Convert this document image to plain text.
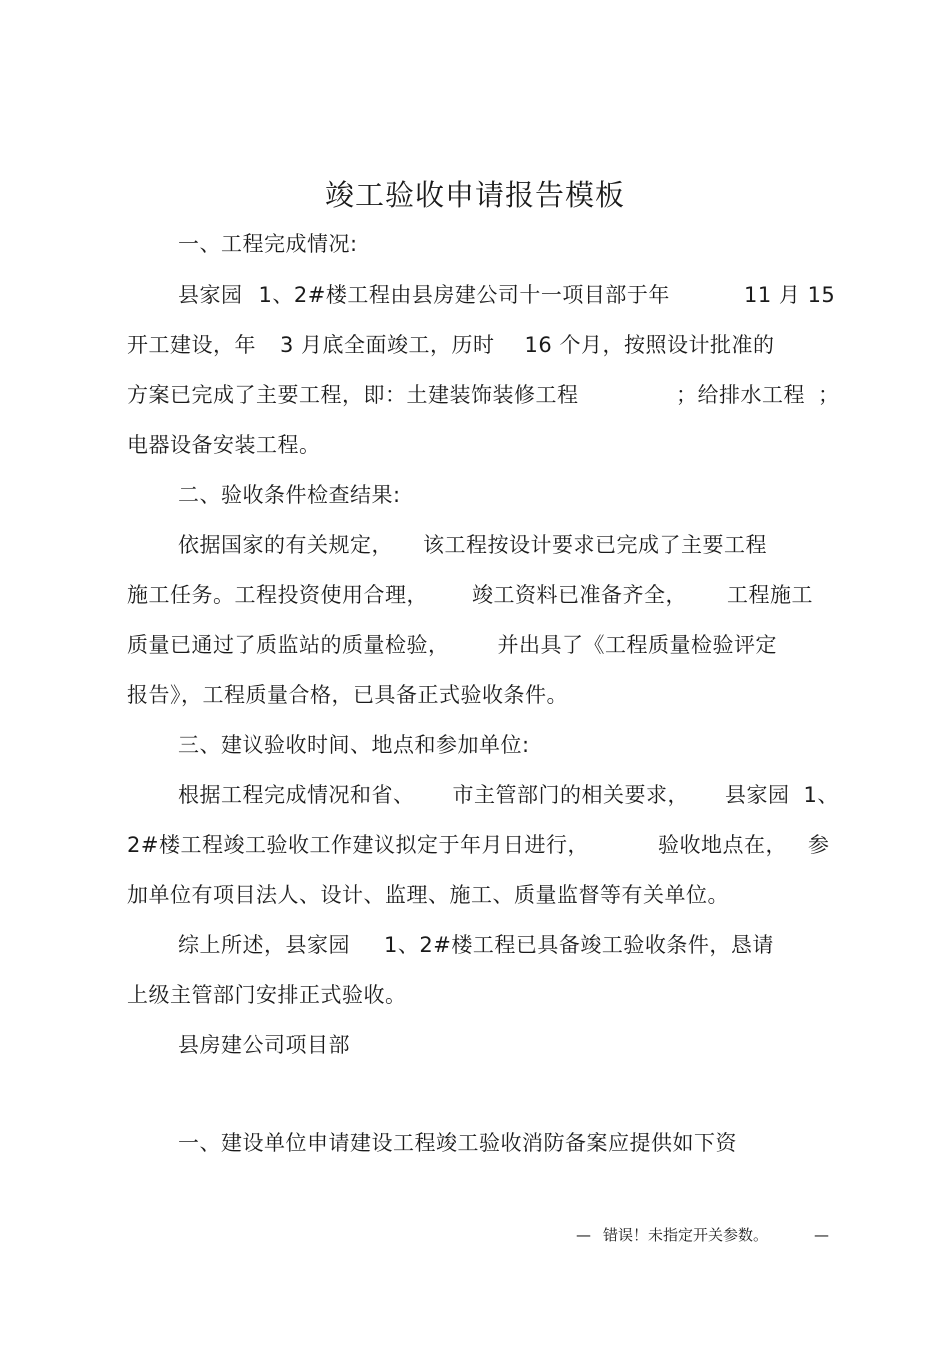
竣工验收申请报告模板
一、工程完成情况:
县家园 1、2#楼工程由县房建公司十一项目部于年	11 月 15
开工建设，年 3 月底全面竣工，历时 16 个月，按照设计批准的
方案已完成了主要工程，即：土建装饰装修工程	；给排水工程 ；
电器设备安装工程。
二、验收条件检查结果:
依据国家的有关规定， 该工程按设计要求已完成了主要工程
施工任务。工程投资使用合理， 竣工资料已准备齐全， 工程施工
质量已通过了质监站的质量检验， 并出具了《工程质量检验评定
报告》，工程质量合格，已具备正式验收条件。
三、建议验收时间、地点和参加单位:
根据工程完成情况和省、 市主管部门的相关要求， 县家园 1、
2#楼工程竣工验收工作建议拟定于年月日进行，	验收地点在， 参
加单位有项目法人、设计、监理、施工、质量监督等有关单位。
综上所述，县家园 1、2#楼工程已具备竣工验收条件，恳请
上级主管部门安排正式验收。
县房建公司项目部
一、建设单位申请建设工程竣工验收消防备案应提供如下资
— 错误！未指定开关参数。	—
